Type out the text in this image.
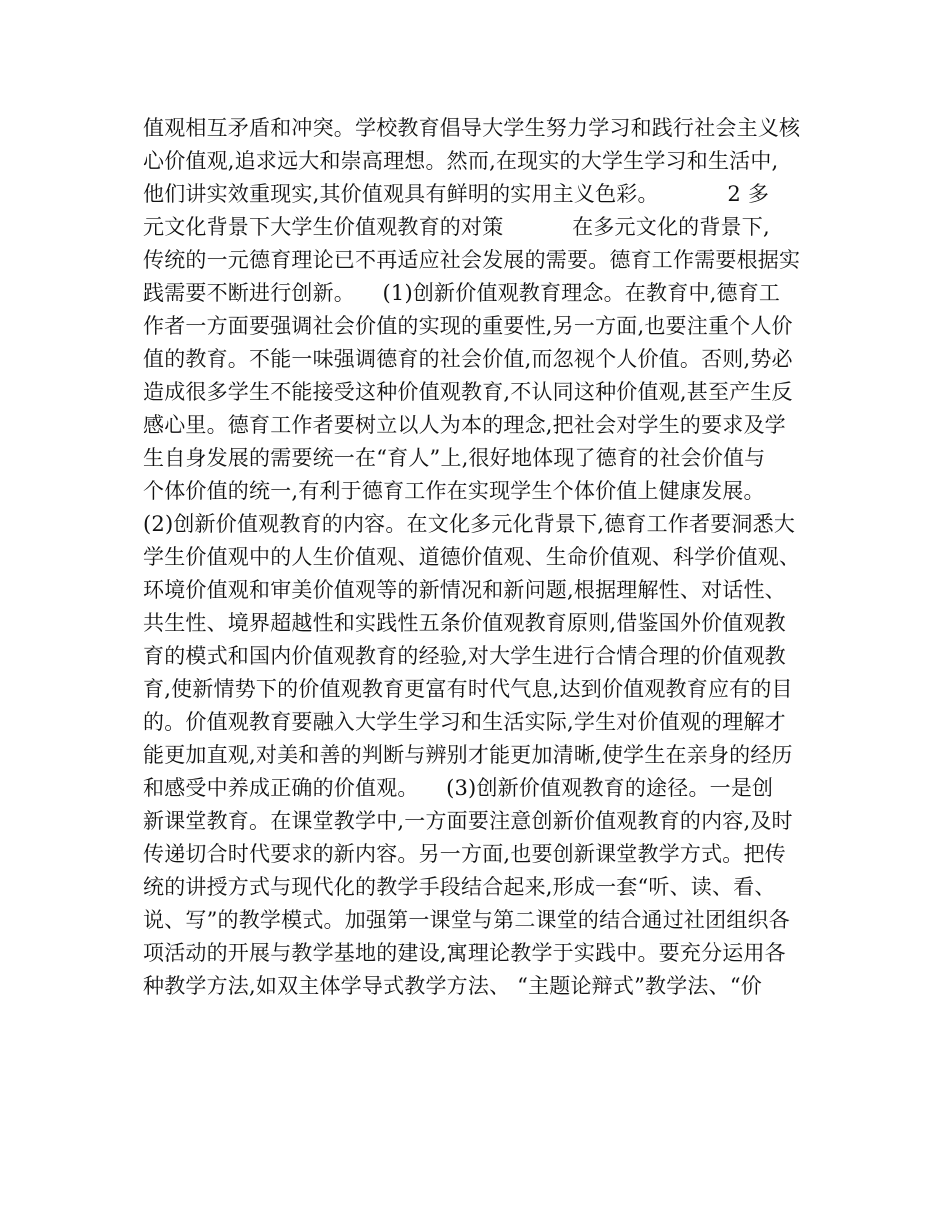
值观相互矛盾和冲突。学校教育倡导大学生努力学习和践行社会主义核
心价值观,追求远大和崇高理想。然而,在现实的大学生学习和生活中,
他们讲实效重现实,其价值观具有鲜明的实用主义色彩。          2 多
元文化背景下大学生价值观教育的对策          在多元文化的背景下,
传统的一元德育理论已不再适应社会发展的需要。德育工作需要根据实
践需要不断进行创新。    (1)创新价值观教育理念。在教育中,德育工
作者一方面要强调社会价值的实现的重要性,另一方面,也要注重个人价
值的教育。不能一味强调德育的社会价值,而忽视个人价值。否则,势必
造成很多学生不能接受这种价值观教育,不认同这种价值观,甚至产生反
感心里。德育工作者要树立以人为本的理念,把社会对学生的要求及学
生自身发展的需要统一在“育人”上,很好地体现了德育的社会价值与
个体价值的统一,有利于德育工作在实现学生个体价值上健康发展。
(2)创新价值观教育的内容。在文化多元化背景下,德育工作者要洞悉大
学生价值观中的人生价值观、道德价值观、生命价值观、科学价值观、
环境价值观和审美价值观等的新情况和新问题,根据理解性、对话性、
共生性、境界超越性和实践性五条价值观教育原则,借鉴国外价值观教
育的模式和国内价值观教育的经验,对大学生进行合情合理的价值观教
育,使新情势下的价值观教育更富有时代气息,达到价值观教育应有的目
的。价值观教育要融入大学生学习和生活实际,学生对价值观的理解才
能更加直观,对美和善的判断与辨别才能更加清晰,使学生在亲身的经历
和感受中养成正确的价值观。    (3)创新价值观教育的途径。一是创
新课堂教育。在课堂教学中,一方面要注意创新价值观教育的内容,及时
传递切合时代要求的新内容。另一方面,也要创新课堂教学方式。把传
统的讲授方式与现代化的教学手段结合起来,形成一套“听、读、看、
说、写”的教学模式。加强第一课堂与第二课堂的结合通过社团组织各
项活动的开展与教学基地的建设,寓理论教学于实践中。要充分运用各
种教学方法,如双主体学导式教学方法、 “主题论辩式”教学法、“价
